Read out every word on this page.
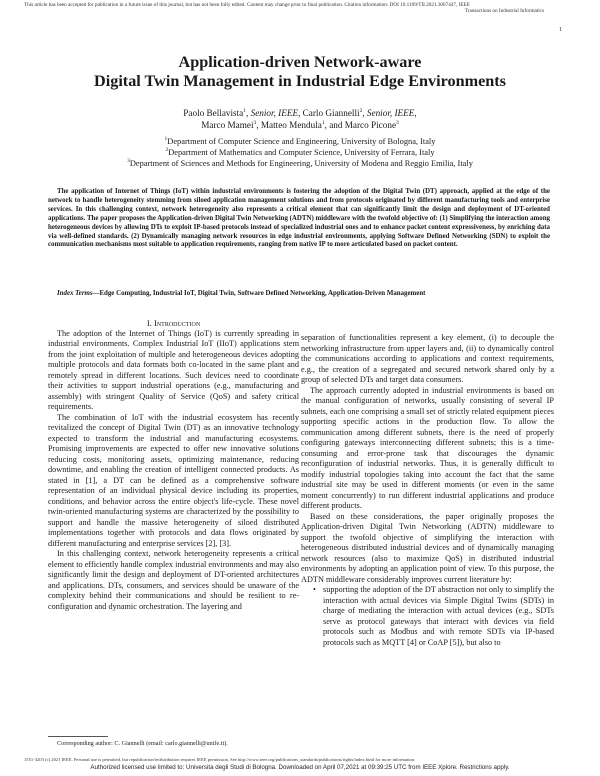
This article has been accepted for publication in a future issue of this journal, but has not been fully edited. Content may change prior to final publication. Citation information: DOI 10.1109/TII.2021.3067447, IEEE
Transactions on Industrial Informatics
1
Application-driven Network-aware
Digital Twin Management in Industrial Edge Environments
Paolo Bellavista$^1$, Senior, IEEE, Carlo Giannelli$^2$, Senior, IEEE,
Marco Mamei$^3$, Matteo Mendula$^1$, and Marco Picone$^3$
$^1$Department of Computer Science and Engineering, University of Bologna, Italy
$^2$Department of Mathematics and Computer Science, University of Ferrara, Italy
$^3$Department of Sciences and Methods for Engineering, University of Modena and Reggio Emilia, Italy

The application of Internet of Things (IoT) within industrial environments is fostering the adoption of the Digital Twin (DT) approach, applied at the edge of the network to handle heterogeneity stemming from siloed application management solutions and from protocols originated by different manufacturing tools and enterprise services. In this challenging context, network heterogeneity also represents a critical element that can significantly limit the design and deployment of DT-oriented applications. The paper proposes the Application-driven Digital Twin Networking (ADTN) middleware with the twofold objective of: (1) Simplifying the interaction among heterogeneous devices by allowing DTs to exploit IP-based protocols instead of specialized industrial ones and to enhance packet content expressiveness, by enriching data via well-defined standards. (2) Dynamically managing network resources in edge industrial environments, applying Software Defined Networking (SDN) to exploit the communication mechanisms most suitable to application requirements, ranging from native IP to more articulated based on packet content.

Index Terms—Edge Computing, Industrial IoT, Digital Twin, Software Defined Networking, Application-Driven Management

I. Introduction

The adoption of the Internet of Things (IoT) is currently spreading in industrial environments. Complex Industrial IoT (IIoT) applications stem from the joint exploitation of multiple and heterogeneous devices adopting multiple protocols and data formats both co-located in the same plant and remotely spread in different locations. Such devices need to coordinate their activities to support industrial operations (e.g., manufacturing and assembly) with stringent Quality of Service (QoS) and safety critical requirements.

The combination of IoT with the industrial ecosystem has recently revitalized the concept of Digital Twin (DT) as an innovative technology expected to transform the industrial and manufacturing ecosystems. Promising improvements are expected to offer new innovative solutions reducing costs, monitoring assets, optimizing maintenance, reducing downtime, and enabling the creation of intelligent connected products. As stated in [1], a DT can be defined as a comprehensive software representation of an individual physical device including its properties, conditions, and behavior across the entire object's life-cycle. These novel twin-oriented manufacturing systems are characterized by the possibility to support and handle the massive heterogeneity of siloed distributed implementations together with protocols and data flows originated by different manufacturing and enterprise services [2], [3].

In this challenging context, network heterogeneity represents a critical element to efficiently handle complex industrial environments and may also significantly limit the design and deployment of DT-oriented architectures and applications. DTs, consumers, and services should be unaware of the complexity behind their communications and should be resilient to re-configuration and dynamic orchestration. The layering and

separation of functionalities represent a key element, (i) to decouple the networking infrastructure from upper layers and, (ii) to dynamically control the communications according to applications and context requirements, e.g., the creation of a segregated and secured network shared only by a group of selected DTs and target data consumers.

The approach currently adopted in industrial environments is based on the manual configuration of networks, usually consisting of several IP subnets, each one comprising a small set of strictly related equipment pieces supporting specific actions in the production flow. To allow the communication among different subnets, there is the need of properly configuring gateways interconnecting different subnets; this is a time-consuming and error-prone task that discourages the dynamic reconfiguration of industrial networks. Thus, it is generally difficult to modify industrial topologies taking into account the fact that the same industrial site may be used in different moments (or even in the same moment concurrently) to run different industrial applications and produce different products.

Based on these considerations, the paper originally proposes the Application-driven Digital Twin Networking (ADTN) middleware to support the twofold objective of simplifying the interaction with heterogeneous distributed industrial devices and of dynamically managing network resources (also to maximize QoS) in distributed industrial environments by adopting an application point of view. To this purpose, the ADTN middleware considerably improves current literature by:

• supporting the adoption of the DT abstraction not only to simplify the interaction with actual devices via Simple Digital Twins (SDTs) in charge of mediating the interaction with actual devices (e.g., SDTs serve as protocol gateways that interact with devices via field protocols such as Modbus and with remote SDTs via IP-based protocols such as MQTT [4] or CoAP [5]), but also to
Corresponding author: C. Giannelli (email: carlo.giannelli@unife.it).
1551-3203 (c) 2021 IEEE. Personal use is permitted, but republication/redistribution requires IEEE permission. See http://www.ieee.org/publications_standards/publications/rights/index.html for more information.
Authorized licensed use limited to: Universita degli Studi di Bologna. Downloaded on April 07,2021 at 09:39:25 UTC from IEEE Xplore. Restrictions apply.
